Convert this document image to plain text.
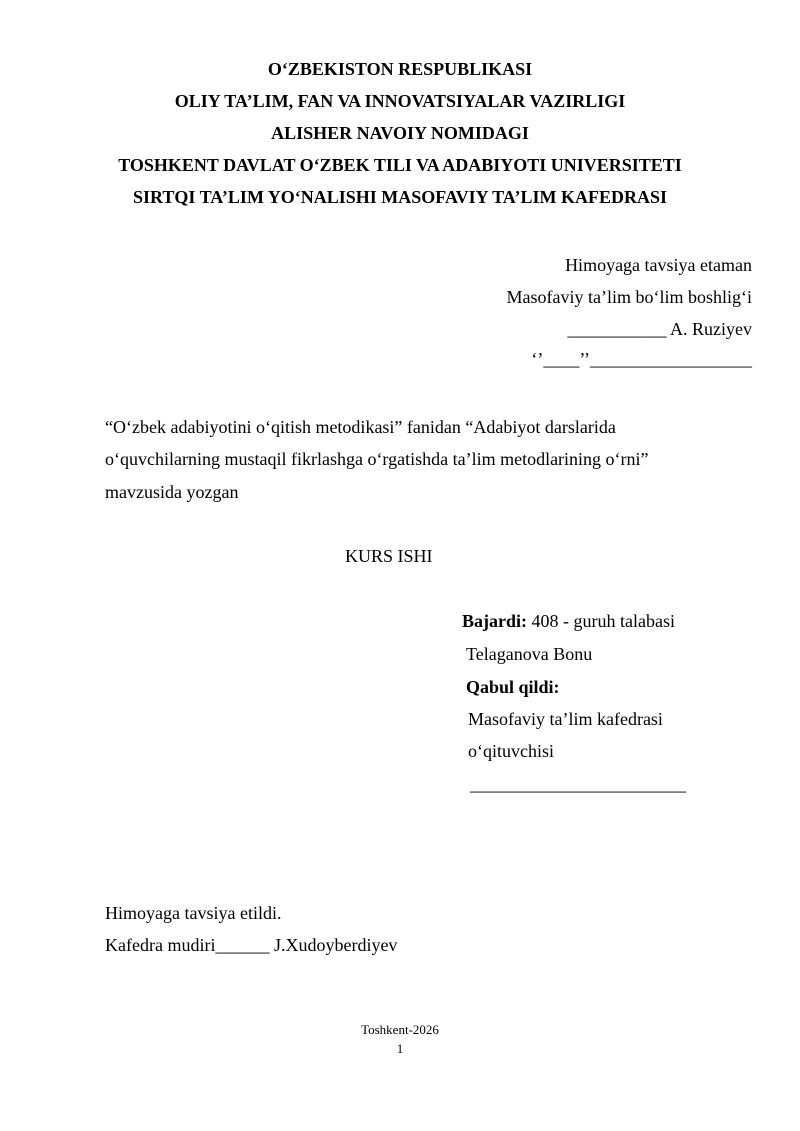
O‘ZBEKISTON RESPUBLIKASI
OLIY TA’LIM, FAN VA INNOVATSIYALAR VAZIRLIGI
ALISHER NAVOIY NOMIDAGI
TOSHKENT DAVLAT O‘ZBEK TILI VA ADABIYOTI UNIVERSITETI
SIRTQI TA’LIM YO‘NALISHI MASOFAVIY TA’LIM KAFEDRASI
Himoyaga tavsiya etaman
Masofaviy ta’lim bo‘lim boshlig‘i
___________ A. Ruziyev
‘’____’’__________________
“O‘zbek adabiyotini o‘qitish metodikasi” fanidan “Adabiyot darslarida
o‘quvchilarning mustaqil fikrlashga o‘rgatishda ta’lim metodlarining o‘rni”
mavzusida yozgan
KURS ISHI
Bajardi: 408 - guruh talabasi
Telaganova Bonu
Qabul qildi:
Masofaviy ta’lim kafedrasi
o‘qituvchisi
________________________
Himoyaga tavsiya etildi.
Kafedra mudiri______ J.Xudoyberdiyev
Toshkent-2026
1
